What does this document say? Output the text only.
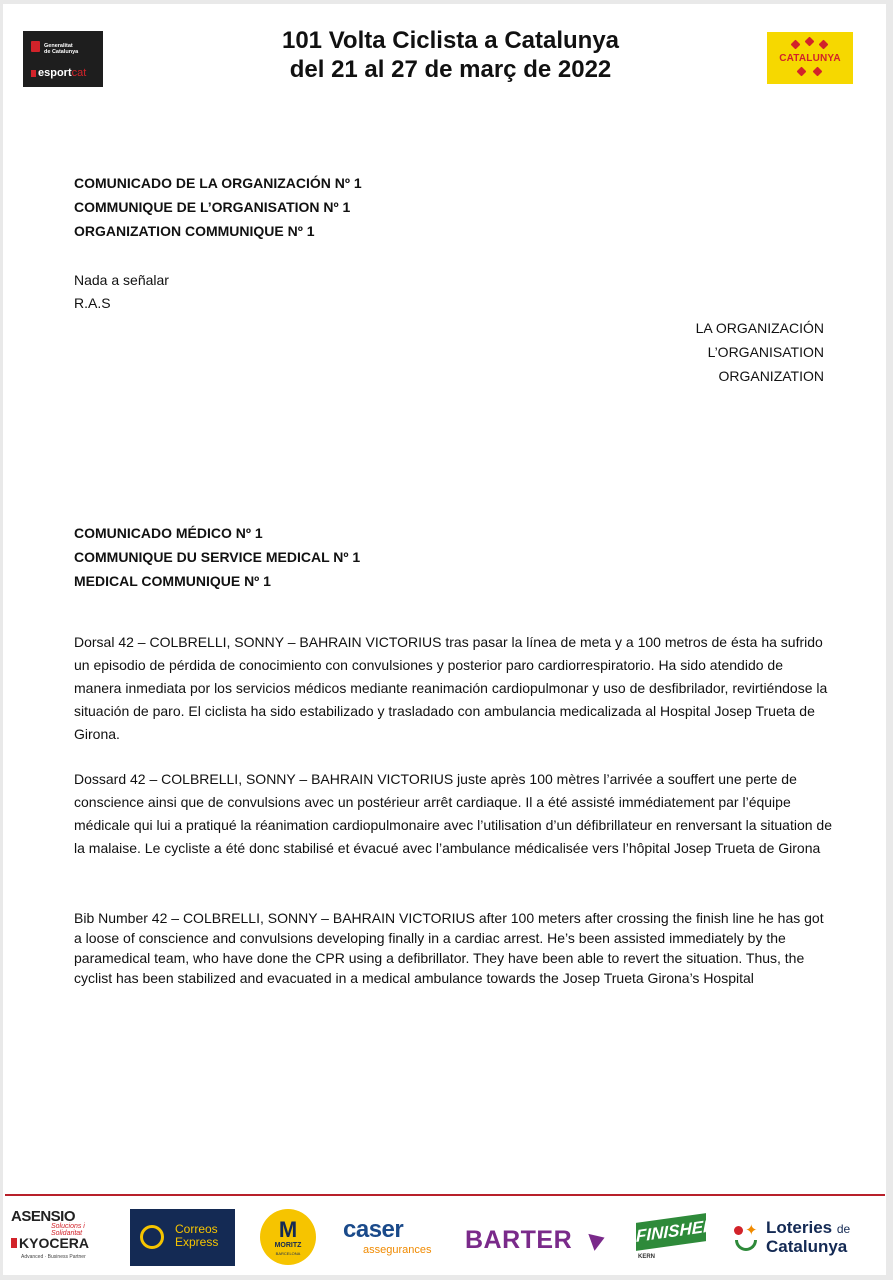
Generalitat
de Catalunya
esportcat
101 Volta Ciclista a Catalunya
del 21 al 27 de març de 2022	CATALUNYA
COMUNICADO DE LA ORGANIZACIÓN Nº 1
COMMUNIQUE DE L’ORGANISATION Nº 1
ORGANIZATION COMMUNIQUE Nº 1
Nada a señalar
R.A.S
LA ORGANIZACIÓN
L’ORGANISATION
ORGANIZATION
COMUNICADO MÉDICO Nº 1
COMMUNIQUE DU SERVICE MEDICAL Nº 1
MEDICAL COMMUNIQUE Nº 1

Dorsal 42 – COLBRELLI, SONNY – BAHRAIN VICTORIUS tras pasar la línea de meta y a 100 metros de ésta ha sufrido un episodio de pérdida de conocimiento con convulsiones y posterior paro cardiorrespiratorio. Ha sido atendido de manera inmediata por los servicios médicos mediante reanimación cardiopulmonar y uso de desfibrilador, revirtiéndose la situación de paro. El ciclista ha sido estabilizado y trasladado con ambulancia medicalizada al Hospital Josep Trueta de Girona.

Dossard 42 – COLBRELLI, SONNY – BAHRAIN VICTORIUS juste après 100 mètres l’arrivée a souffert une perte de conscience ainsi que de convulsions avec un postérieur arrêt cardiaque. Il a été assisté immédiatement par l’équipe médicale qui lui a pratiqué la réanimation cardiopulmonaire avec l’utilisation d’un défibrillateur en renversant la situation de la malaise. Le cycliste a été donc stabilisé et évacué avec l’ambulance médicalisée vers l’hôpital Josep Trueta de Girona

Bib Number 42 – COLBRELLI, SONNY – BAHRAIN VICTORIUS after 100 meters after crossing the finish line he has got a loose of conscience and convulsions developing finally in a cardiac arrest. He’s been assisted immediately by the paramedical team, who have done the CPR using a defibrillator. They have been able to revert the situation. Thus, the cyclist has been stabilized and evacuated in a medical ambulance towards the Josep Trueta Girona’s Hospital

ASENSIO
Solucions i Solidaritat
KYOCERA
Advanced · Business Partner
Correos
Express	M
MORITZ
BARCELONA
caser
assegurances BARTER	FINISHER
KERN
✦ Loteries de
Catalunya
